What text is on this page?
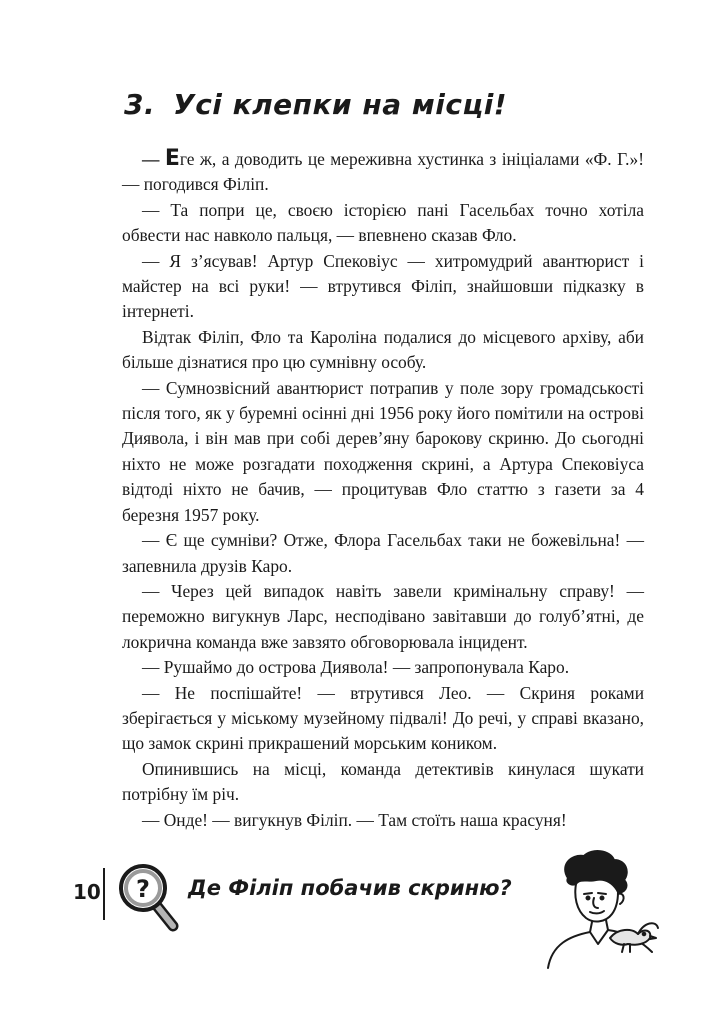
3. Усі клепки на місці!

— Еге ж, а доводить це мереживна хустинка з ініціалами «Ф. Г.»! — погодився Філіп.

— Та попри це, своєю історією пані Гасельбах точно хотіла обвести нас навколо пальця, — впевнено сказав Фло.

— Я з’ясував! Артур Спековіус — хитромудрий авантюрист і майстер на всі руки! — втрутився Філіп, знайшовши підказку в інтернеті.

Відтак Філіп, Фло та Кароліна подалися до місцевого архіву, аби більше дізнатися про цю сумнівну особу.

— Сумнозвісний авантюрист потрапив у поле зору громадськості після того, як у буремні осінні дні 1956 року його помітили на острові Диявола, і він мав при собі дерев’яну барокову скриню. До сьогодні ніхто не може розгадати походження скрині, а Артура Спековіуса відтоді ніхто не бачив, — процитував Фло статтю з газети за 4 березня 1957 року.

— Є ще сумніви? Отже, Флора Гасельбах таки не божевільна! — запевнила друзів Каро.

— Через цей випадок навіть завели кримінальну справу! — переможно вигукнув Ларс, несподівано завітавши до голуб’ятні, де локрична команда вже завзято обговорювала інцидент.

— Рушаймо до острова Диявола! — запропонувала Каро.

— Не поспішайте! — втрутився Лео. — Скриня роками зберігається у міському музейному підвалі! До речі, у справі вказано, що замок скрині прикрашений морським коником.

Опинившись на місці, команда детективів кинулася шукати потрібну їм річ.

— Онде! — вигукнув Філіп. — Там стоїть наша красуня!

10 ? Де Філіп побачив скриню?
